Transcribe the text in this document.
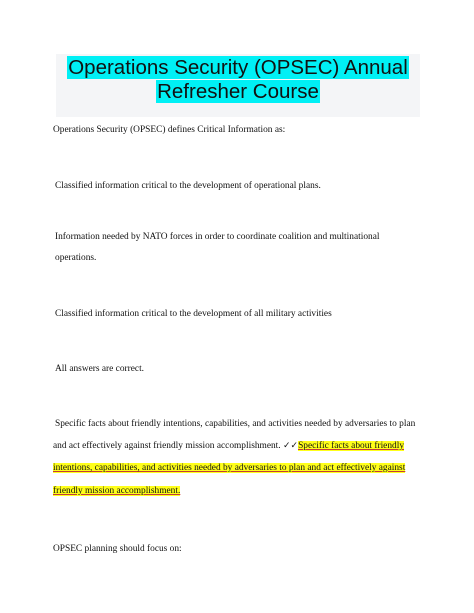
Operations Security (OPSEC) Annual
Refresher Course

Operations Security (OPSEC) defines Critical Information as:

Classified information critical to the development of operational plans.

Information needed by NATO forces in order to coordinate coalition and multinational

operations.

Classified information critical to the development of all military activities

All answers are correct.

Specific facts about friendly intentions, capabilities, and activities needed by adversaries to plan

and act effectively against friendly mission accomplishment. ✓✓Specific facts about friendly

intentions, capabilities, and activities needed by adversaries to plan and act effectively against

friendly mission accomplishment.

OPSEC planning should focus on:
